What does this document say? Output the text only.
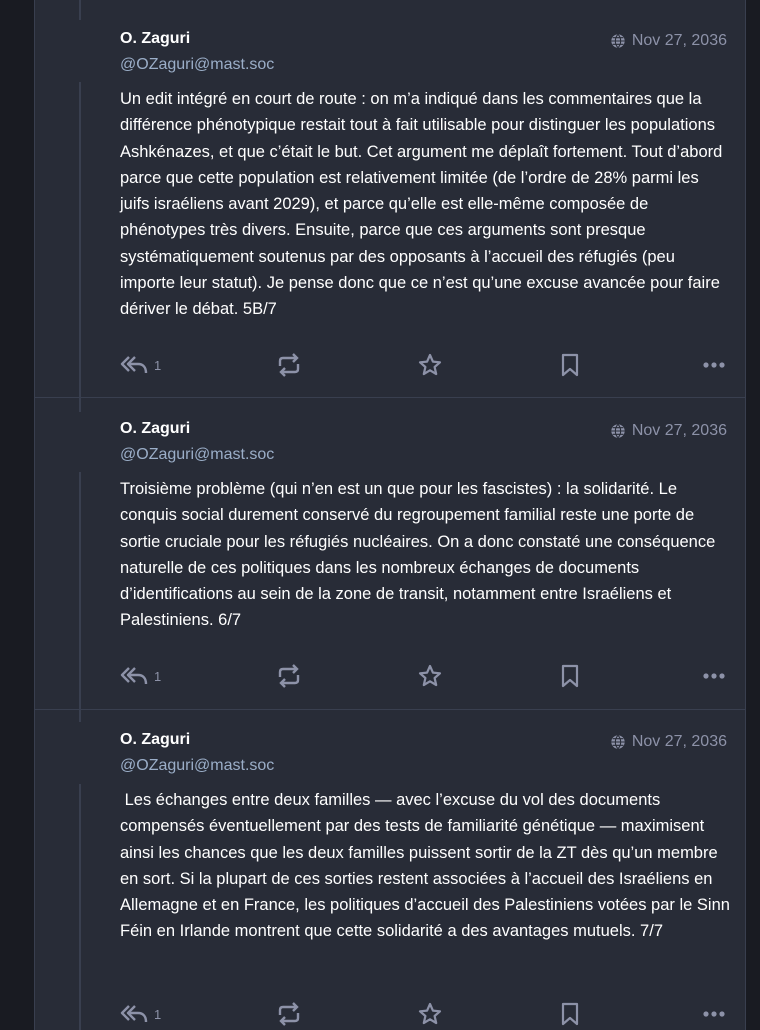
O. Zaguri
@OZaguri@mast.soc
Nov 27, 2036

Un edit intégré en court de route : on m’a indiqué dans les commentaires que la différence phénotypique restait tout à fait utilisable pour distinguer les populations Ashkénazes, et que c’était le but. Cet argument me déplaît fortement. Tout d’abord parce que cette population est relativement limitée (de l’ordre de 28% parmi les juifs israéliens avant 2029), et parce qu’elle est elle-même composée de phénotypes très divers. Ensuite, parce que ces arguments sont presque systématiquement soutenus par des opposants à l’accueil des réfugiés (peu importe leur statut). Je pense donc que ce n’est qu’une excuse avancée pour faire dériver le débat. 5B/7

1
O. Zaguri
@OZaguri@mast.soc
Nov 27, 2036

Troisième problème (qui n’en est un que pour les fascistes) : la solidarité. Le conquis social durement conservé du regroupement familial reste une porte de sortie cruciale pour les réfugiés nucléaires. On a donc constaté une conséquence naturelle de ces politiques dans les nombreux échanges de documents d’identifications au sein de la zone de transit, notamment entre Israéliens et Palestiniens. 6/7

1
O. Zaguri
@OZaguri@mast.soc
Nov 27, 2036

Les échanges entre deux familles — avec l’excuse du vol des documents compensés éventuellement par des tests de familiarité génétique — maximisent ainsi les chances que les deux familles puissent sortir de la ZT dès qu’un membre en sort. Si la plupart de ces sorties restent associées à l’accueil des Israéliens en Allemagne et en France, les politiques d’accueil des Palestiniens votées par le Sinn Féin en Irlande montrent que cette solidarité a des avantages mutuels. 7/7

1
